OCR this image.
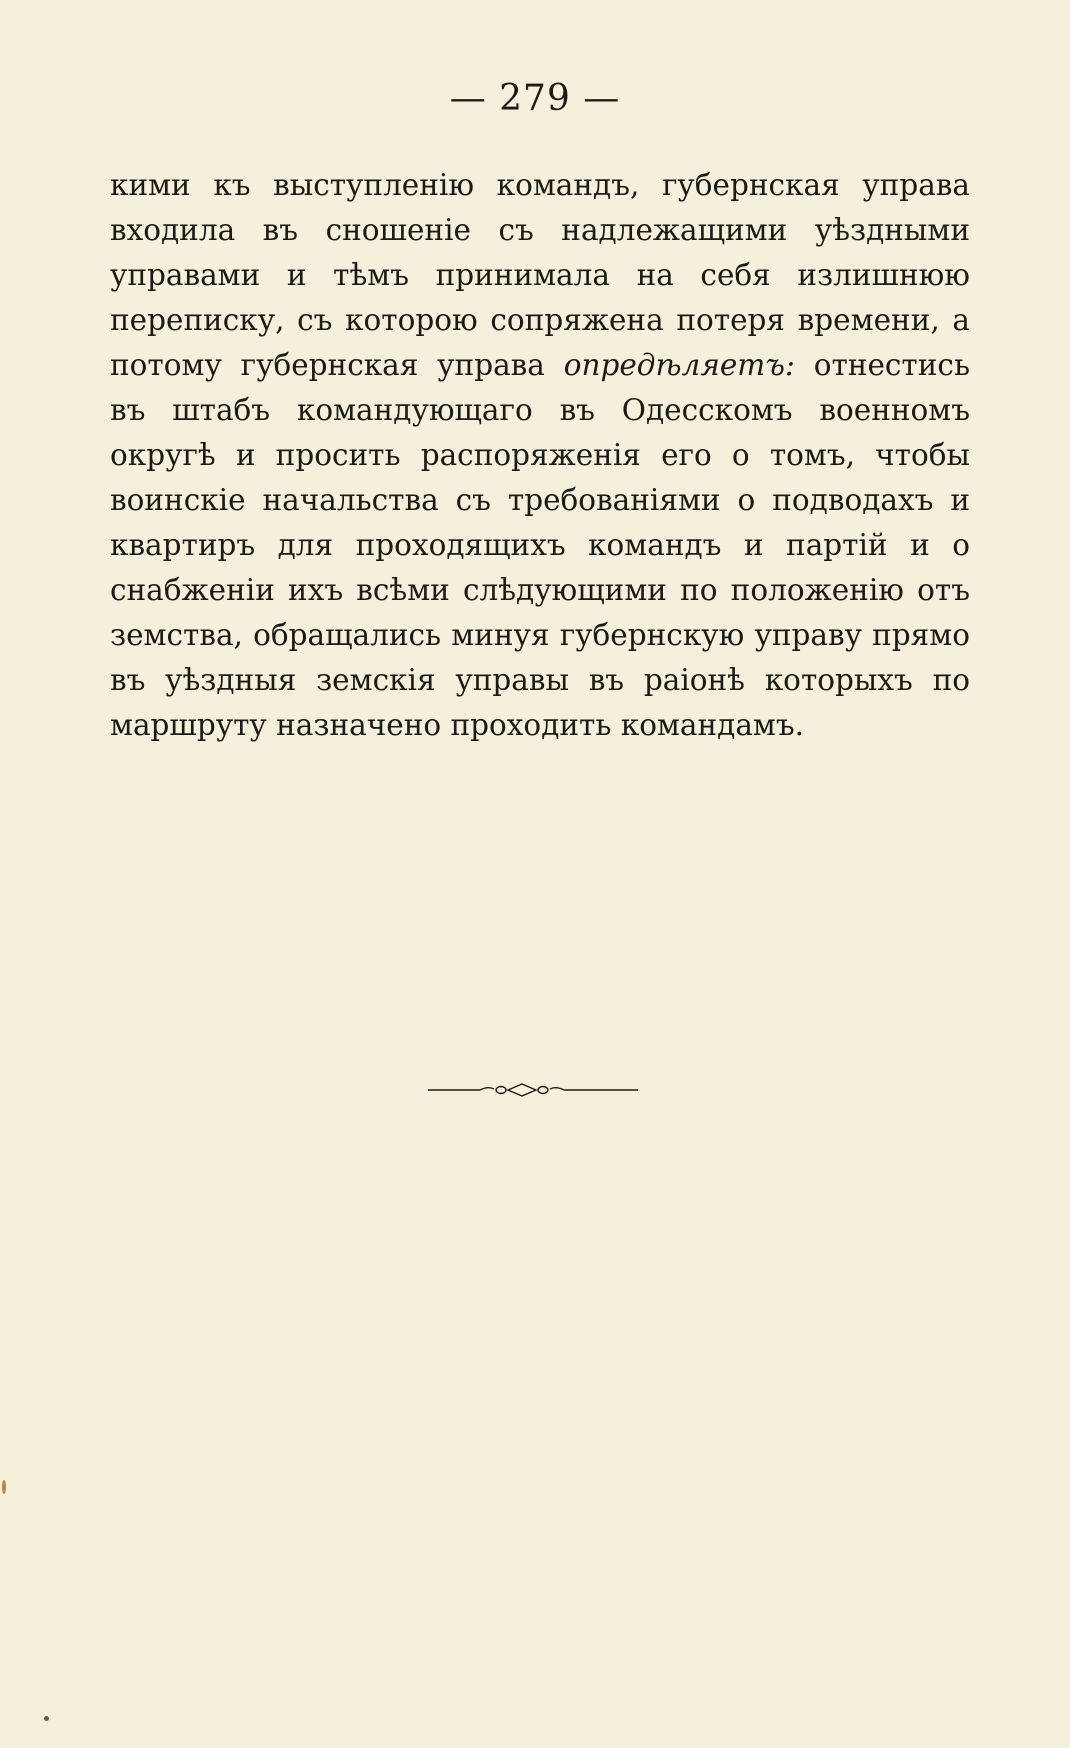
— 279 —

кими къ выступленію командъ, губернская управа входила въ сношеніе съ надлежащими уѣздными управами и тѣмъ принимала на себя излишнюю переписку, съ которою сопряжена потеря времени, а потому губернская управа опредѣляетъ: отнестись въ штабъ командующаго въ Одесскомъ военномъ округѣ и просить распоряженія его о томъ, чтобы воинскіе начальства съ требованіями о подводахъ и квартиръ для проходящихъ командъ и партій и о снабженіи ихъ всѣми слѣдующими по положенію отъ земства, обращались минуя губернскую управу прямо въ уѣздныя земскія управы въ раіонѣ которыхъ по маршруту назначено проходить командамъ.
